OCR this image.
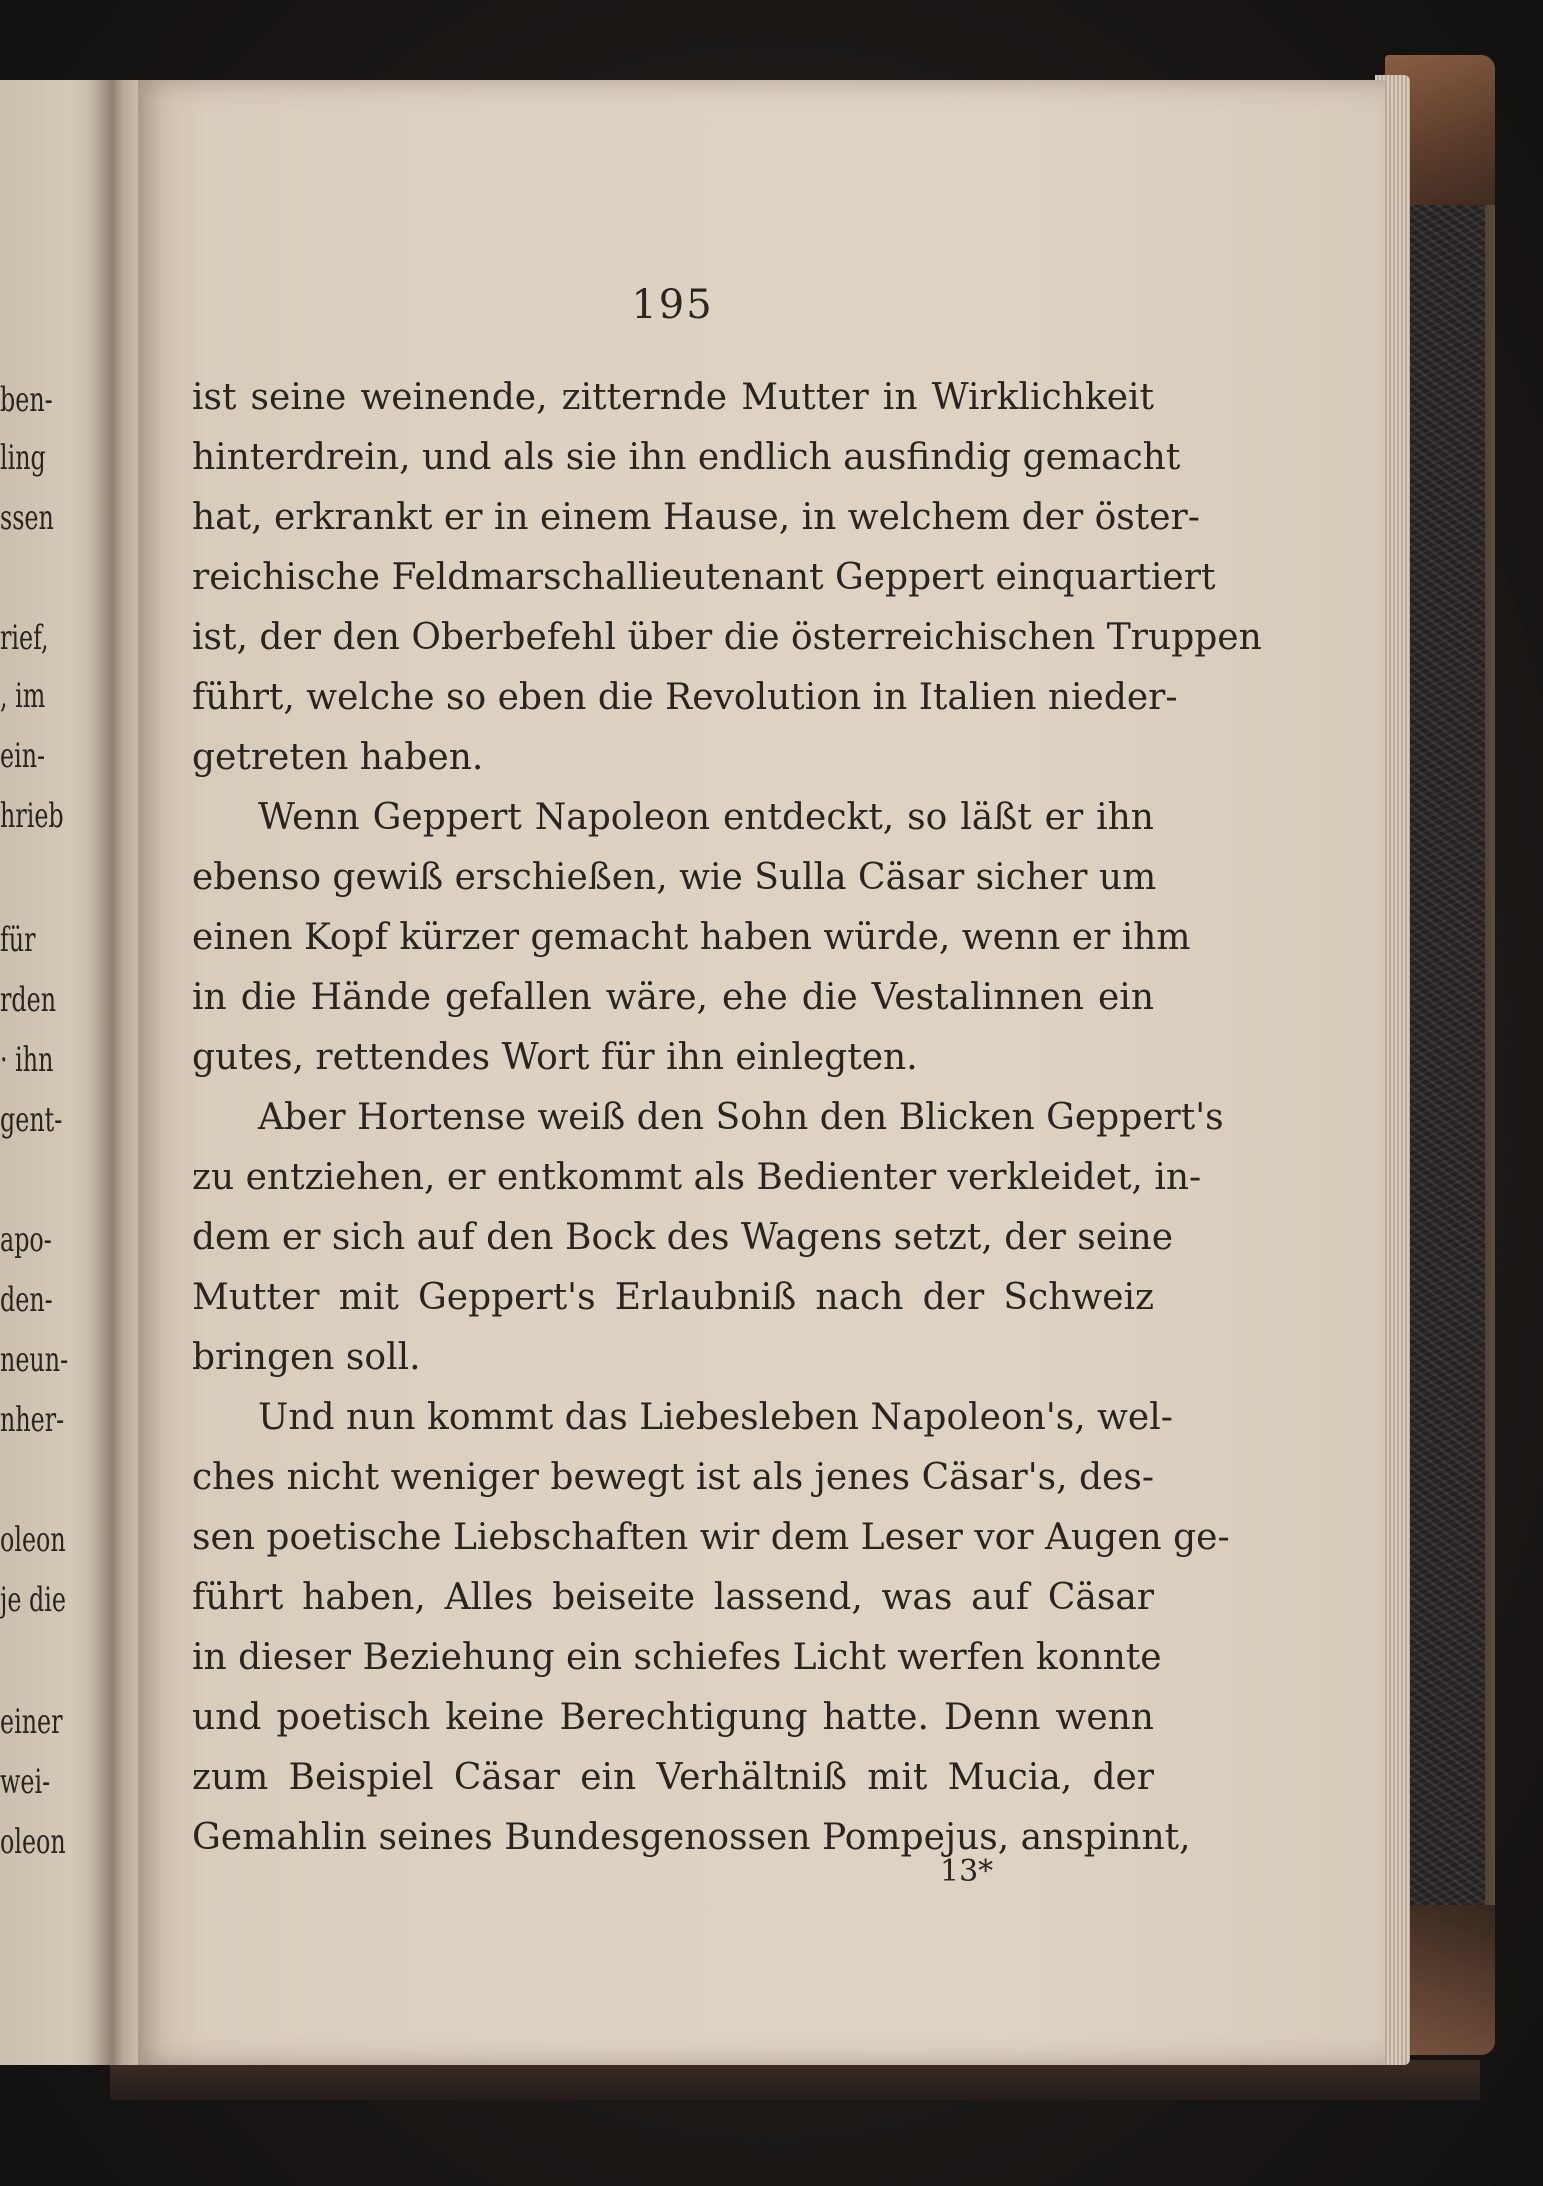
ben-
ling
ssen
rief,
, im
ein-
hrieb
für
rden
· ihn
gent-
apo-
den-
neun-
nher-
oleon
je die
einer
wei-
oleon
195
ist seine weinende, zitternde Mutter in Wirklichkeit
hinterdrein, und als sie ihn endlich ausfindig gemacht
hat, erkrankt er in einem Hause, in welchem der öster-
reichische Feldmarschallieutenant Geppert einquartiert
ist, der den Oberbefehl über die österreichischen Truppen
führt, welche so eben die Revolution in Italien nieder-
getreten haben.
Wenn Geppert Napoleon entdeckt, so läßt er ihn
ebenso gewiß erschießen, wie Sulla Cäsar sicher um
einen Kopf kürzer gemacht haben würde, wenn er ihm
in die Hände gefallen wäre, ehe die Vestalinnen ein
gutes, rettendes Wort für ihn einlegten.
Aber Hortense weiß den Sohn den Blicken Geppert's
zu entziehen, er entkommt als Bedienter verkleidet, in-
dem er sich auf den Bock des Wagens setzt, der seine
Mutter mit Geppert's Erlaubniß nach der Schweiz
bringen soll.
Und nun kommt das Liebesleben Napoleon's, wel-
ches nicht weniger bewegt ist als jenes Cäsar's, des-
sen poetische Liebschaften wir dem Leser vor Augen ge-
führt haben, Alles beiseite lassend, was auf Cäsar
in dieser Beziehung ein schiefes Licht werfen konnte
und poetisch keine Berechtigung hatte. Denn wenn
zum Beispiel Cäsar ein Verhältniß mit Mucia, der
Gemahlin seines Bundesgenossen Pompejus, anspinnt,
13*
